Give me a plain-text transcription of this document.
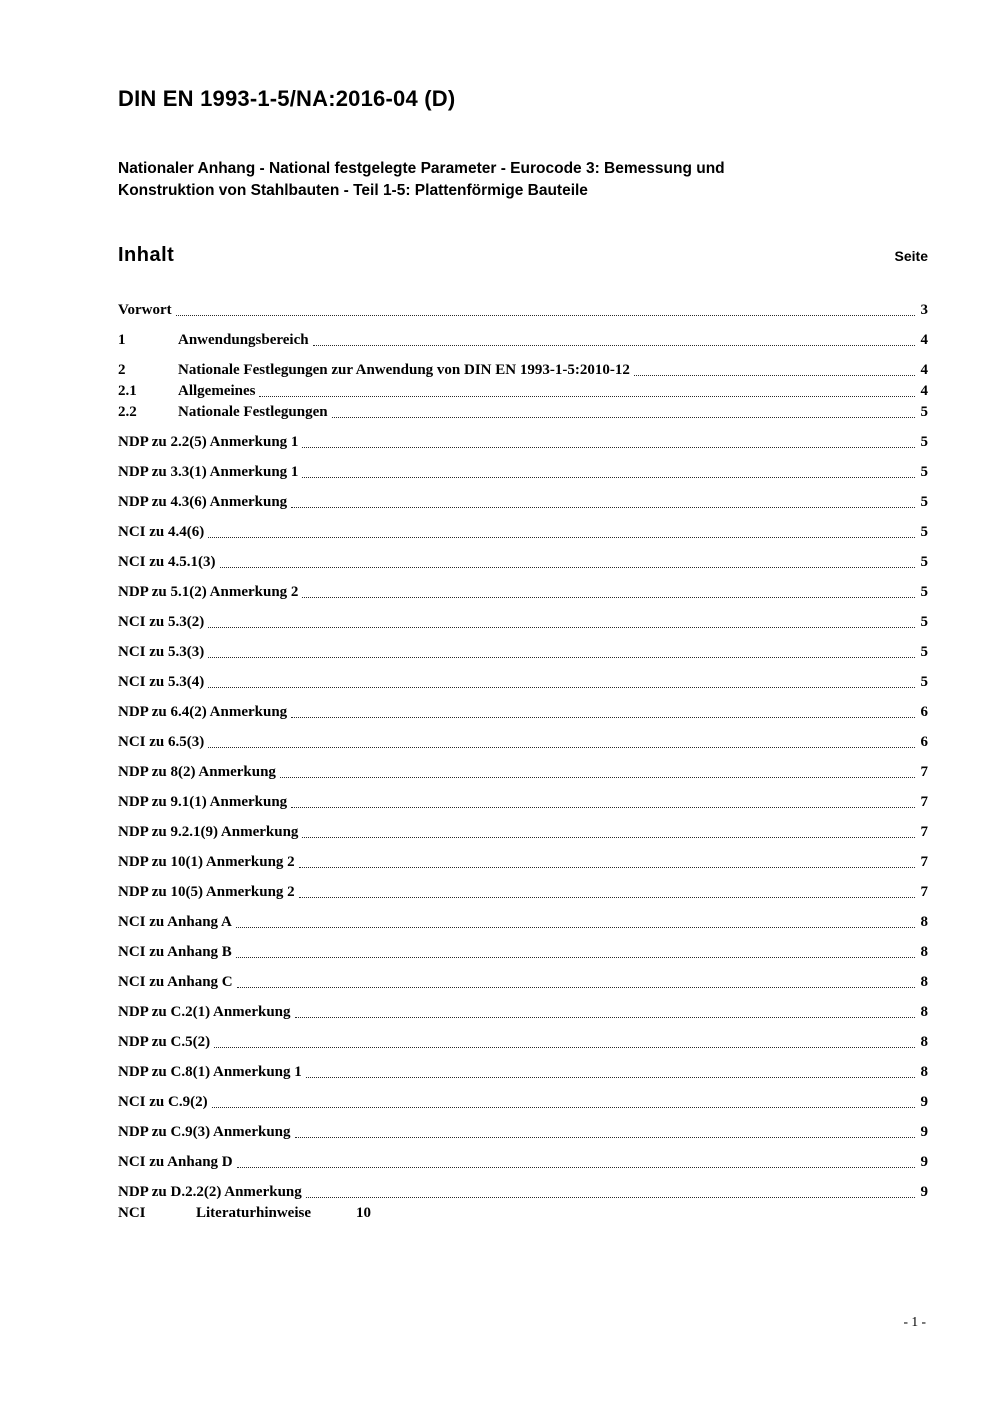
DIN EN 1993-1-5/NA:2016-04 (D)
Nationaler Anhang - National festgelegte Parameter - Eurocode 3: Bemessung und
Konstruktion von Stahlbauten - Teil 1-5: Plattenförmige Bauteile
Inhalt	Seite
Vorwort	3
1	Anwendungsbereich	4
2	Nationale Festlegungen zur Anwendung von DIN EN 1993-1-5:2010-12	4
2.1	Allgemeines	4
2.2	Nationale Festlegungen	5
NDP zu 2.2(5) Anmerkung 1	5
NDP zu 3.3(1) Anmerkung 1	5
NDP zu 4.3(6) Anmerkung	5
NCI zu 4.4(6)	5
NCI zu 4.5.1(3)	5
NDP zu 5.1(2) Anmerkung 2	5
NCI zu 5.3(2)	5
NCI zu 5.3(3)	5
NCI zu 5.3(4)	5
NDP zu 6.4(2) Anmerkung	6
NCI zu 6.5(3)	6
NDP zu 8(2) Anmerkung	7
NDP zu 9.1(1) Anmerkung	7
NDP zu 9.2.1(9) Anmerkung	7
NDP zu 10(1) Anmerkung 2	7
NDP zu 10(5) Anmerkung 2	7
NCI zu Anhang A	8
NCI zu Anhang B	8
NCI zu Anhang C	8
NDP zu C.2(1) Anmerkung	8
NDP zu C.5(2)	8
NDP zu C.8(1) Anmerkung 1	8
NCI zu C.9(2)	9
NDP zu C.9(3) Anmerkung	9
NCI zu Anhang D	9
NDP zu D.2.2(2) Anmerkung	9
NCI	Literaturhinweise	10
- 1 -
